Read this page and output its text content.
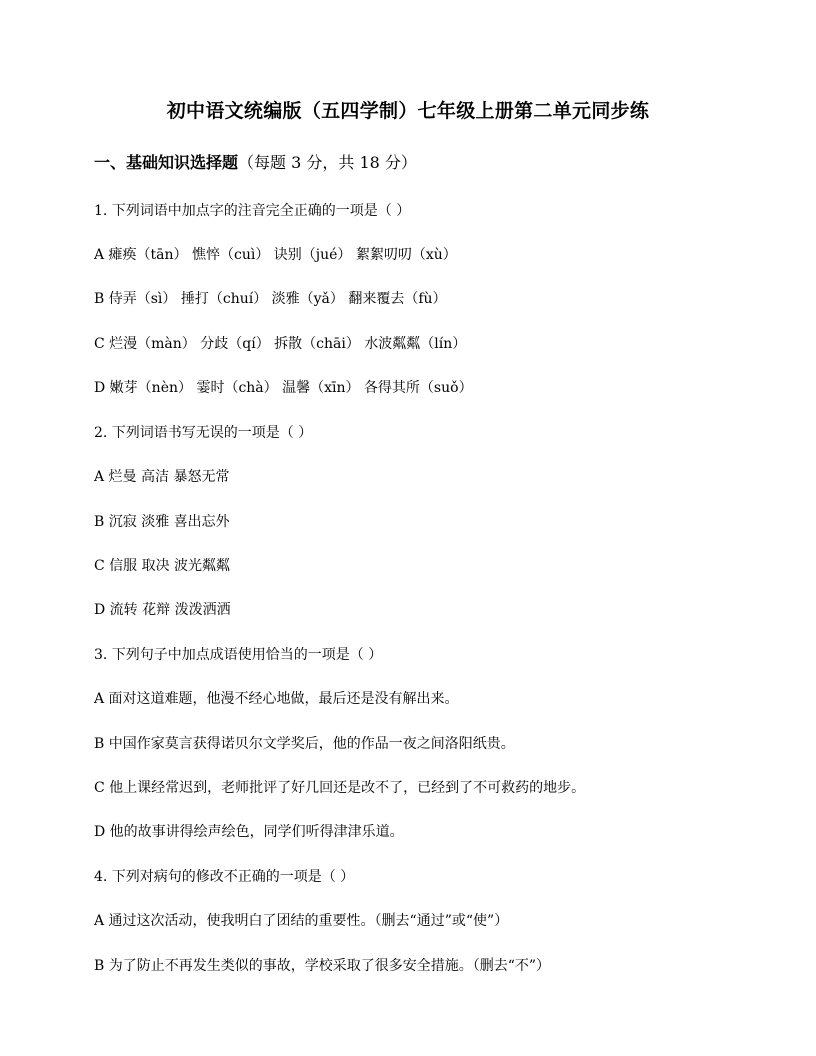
初中语文统编版（五四学制）七年级上册第二单元同步练
一、基础知识选择题（每题 3 分，共 18 分）
1. 下列词语中加点字的注音完全正确的一项是（ ）
A 瘫痪（tān） 憔悴（cuì） 诀别（jué） 絮絮叨叨（xù）
B 侍弄（sì） 捶打（chuí） 淡雅（yǎ） 翻来覆去（fù）
C 烂漫（màn） 分歧（qí） 拆散（chāi） 水波粼粼（lín）
D 嫩芽（nèn） 霎时（chà） 温馨（xīn） 各得其所（suǒ）
2. 下列词语书写无误的一项是（ ）
A 烂曼 高洁 暴怒无常
B 沉寂 淡雅 喜出忘外
C 信服 取决 波光粼粼
D 流转 花辩 泼泼洒洒
3. 下列句子中加点成语使用恰当的一项是（ ）
A 面对这道难题，他漫不经心地做，最后还是没有解出来。
B 中国作家莫言获得诺贝尔文学奖后，他的作品一夜之间洛阳纸贵。
C 他上课经常迟到，老师批评了好几回还是改不了，已经到了不可救药的地步。
D 他的故事讲得绘声绘色，同学们听得津津乐道。
4. 下列对病句的修改不正确的一项是（ ）
A 通过这次活动，使我明白了团结的重要性。（删去“通过”或“使”）
B 为了防止不再发生类似的事故，学校采取了很多安全措施。（删去“不”）
